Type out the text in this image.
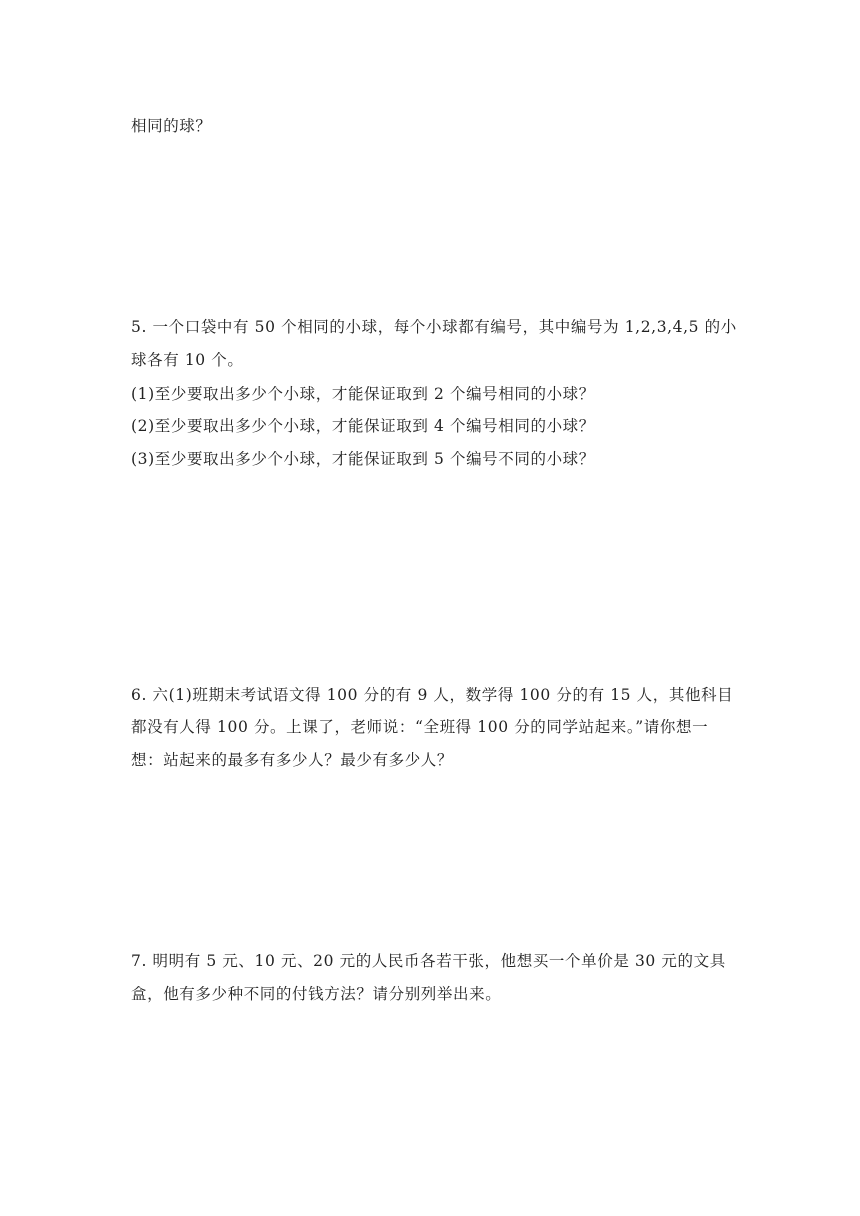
相同的球？
5. 一个口袋中有 50 个相同的小球，每个小球都有编号，其中编号为 1,2,3,4,5 的小
球各有 10 个。
(1)至少要取出多少个小球，才能保证取到 2 个编号相同的小球？
(2)至少要取出多少个小球，才能保证取到 4 个编号相同的小球？
(3)至少要取出多少个小球，才能保证取到 5 个编号不同的小球？
6. 六(1)班期末考试语文得 100 分的有 9 人，数学得 100 分的有 15 人，其他科目
都没有人得 100 分。上课了，老师说：“全班得 100 分的同学站起来。”请你想一
想：站起来的最多有多少人？最少有多少人？
7. 明明有 5 元、10 元、20 元的人民币各若干张，他想买一个单价是 30 元的文具
盒，他有多少种不同的付钱方法？请分别列举出来。
